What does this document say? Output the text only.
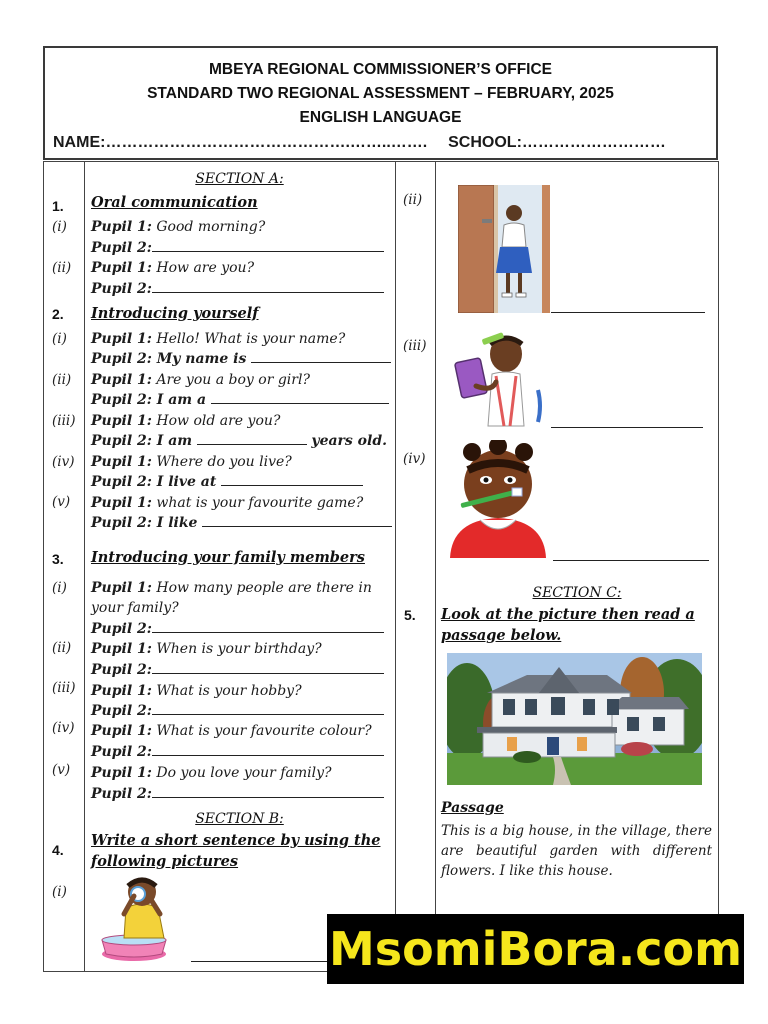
MBEYA REGIONAL COMMISSIONER’S OFFICE
STANDARD TWO REGIONAL ASSESSMENT – FEBRUARY, 2025
ENGLISH LANGUAGE
NAME:……………………………………….……..……. SCHOOL:………………………
SECTION A:
1. Oral communication
(i) Pupil 1: Good morning?
Pupil 2:
(ii) Pupil 1: How are you?
Pupil 2:
2. Introducing yourself
(i) Pupil 1: Hello! What is your name?
Pupil 2: My name is
(ii) Pupil 1: Are you a boy or girl?
Pupil 2: I am a
(iii) Pupil 1: How old are you?
Pupil 2: I am	years old.
(iv) Pupil 1: Where do you live?
Pupil 2: I live at
(v) Pupil 1: what is your favourite game?
Pupil 2: I like
3. Introducing your family members
(i) Pupil 1: How many people are there in
your family?
Pupil 2:
(ii) Pupil 1: When is your birthday?
Pupil 2:
(iii) Pupil 1: What is your hobby?
Pupil 2:
(iv) Pupil 1: What is your favourite colour?
Pupil 2:
(v) Pupil 1: Do you love your family?
Pupil 2:
SECTION B:
4.
Write a short sentence by using the
following pictures
(i)
(ii)
(iii)
(iv)
SECTION C:
5. Look at the picture then read a
passage below.
Passage
This is a big house, in the village, there are beautiful garden with different flowers. I like this house.
MsomiBora.com
